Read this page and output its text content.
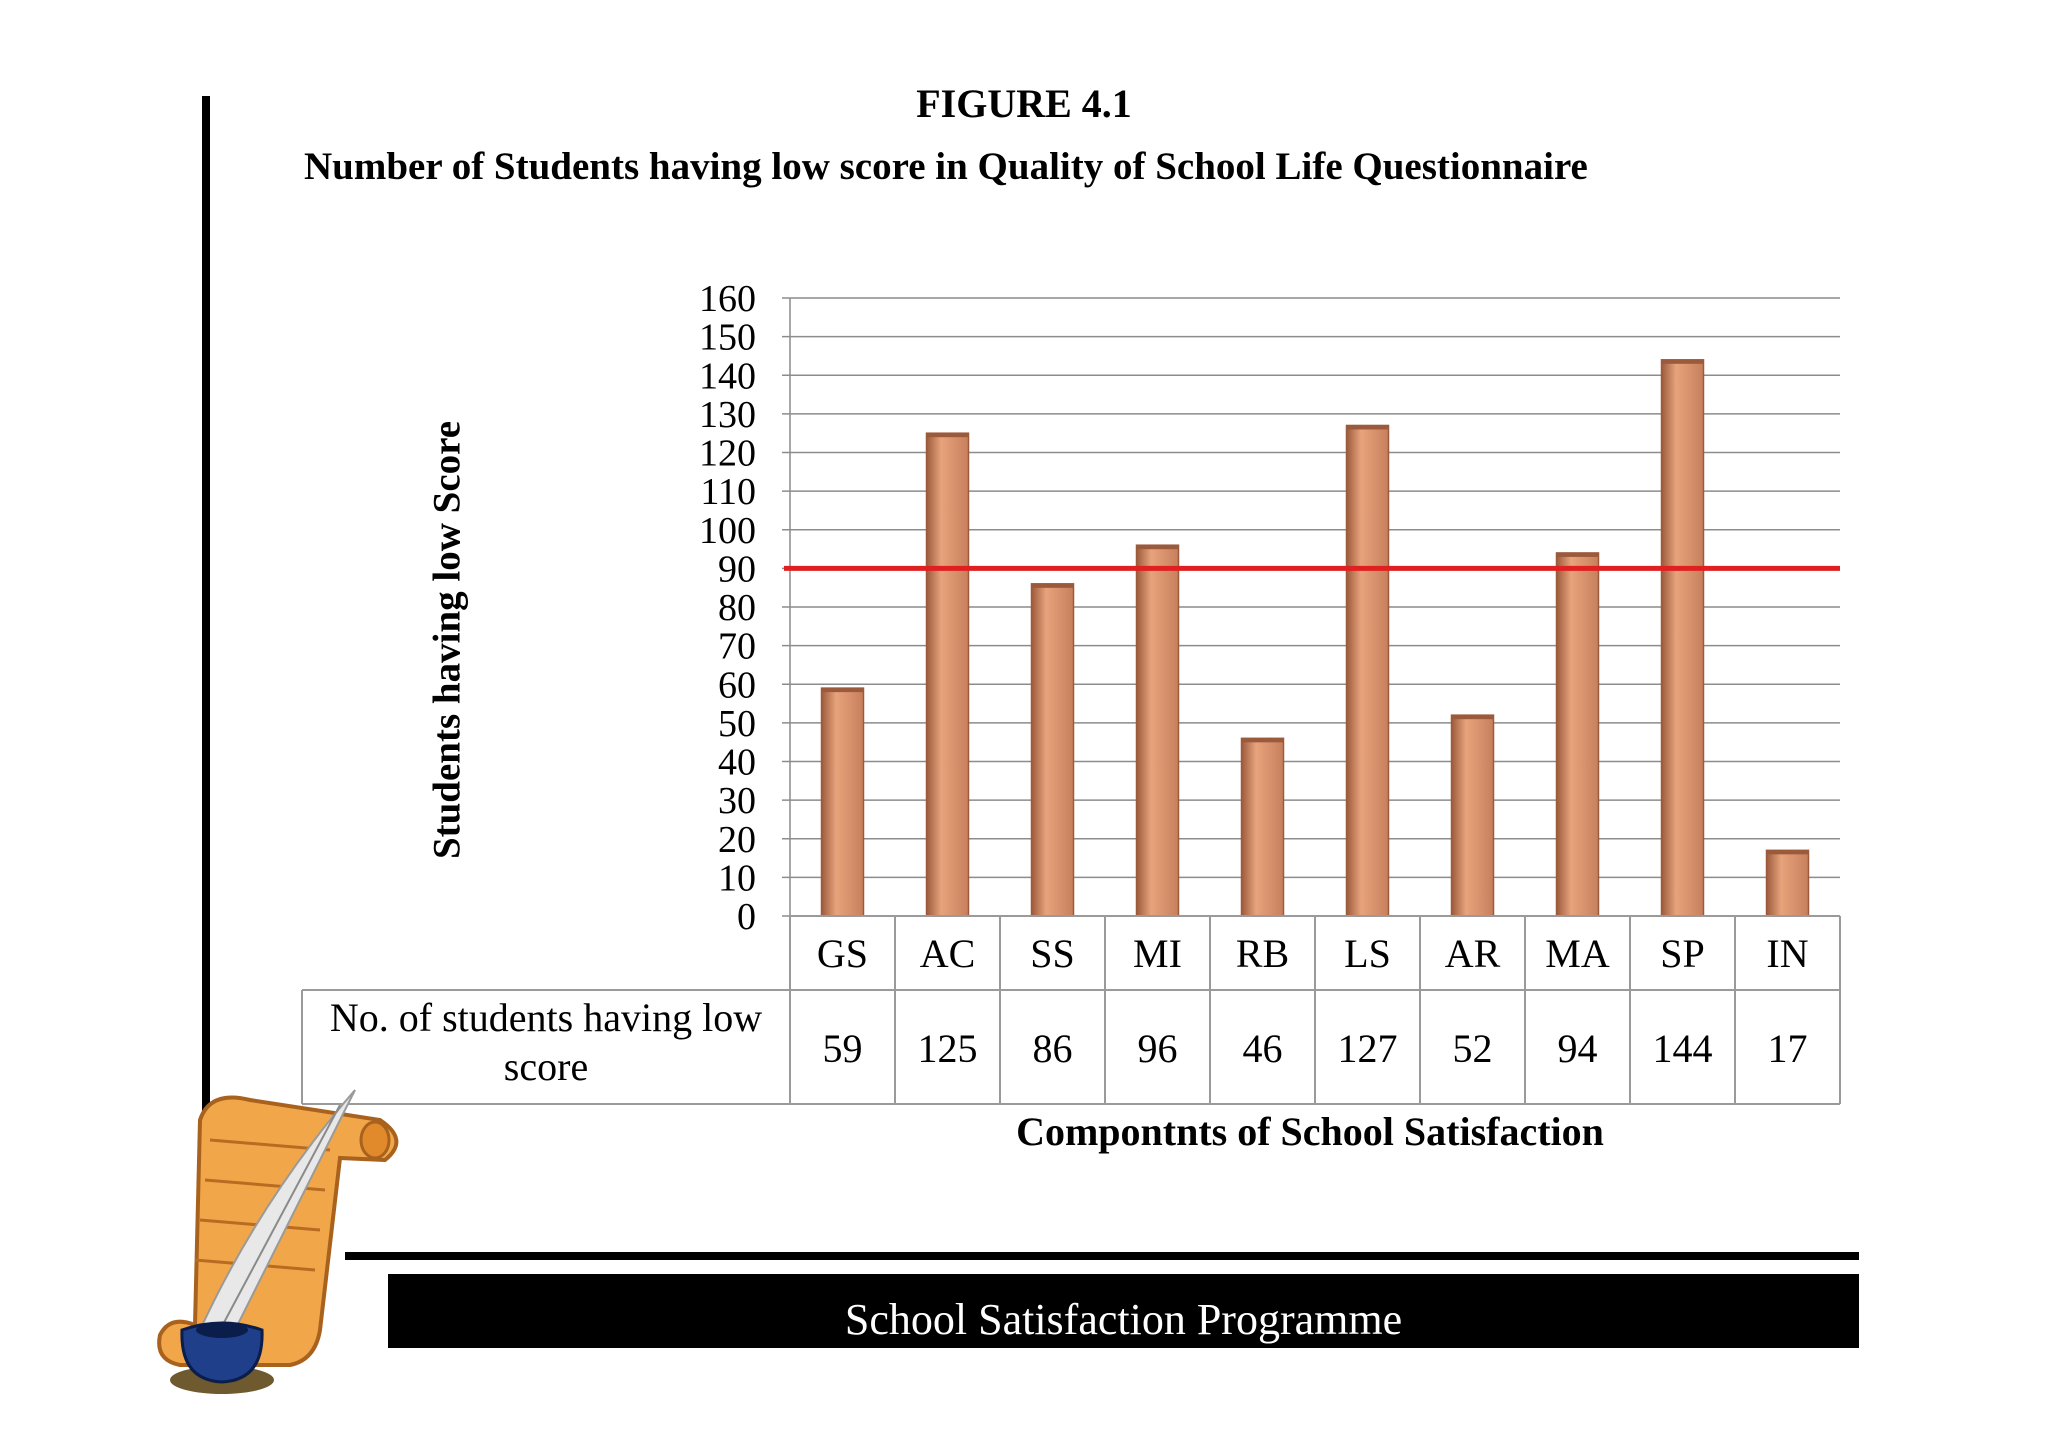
FIGURE 4.1
Number of Students having low score in Quality of School Life Questionnaire
0
10
20
30
40
50
60
70
80
90
100
110
120
130
140
150
160
No. of students having low score
GS
59
AC
125
SS
86
MI
96
RB
46
LS
127
AR
52
MA
94
SP
144
IN
17
Students having low Score
Compontnts of School Satisfaction
School Satisfaction Programme
